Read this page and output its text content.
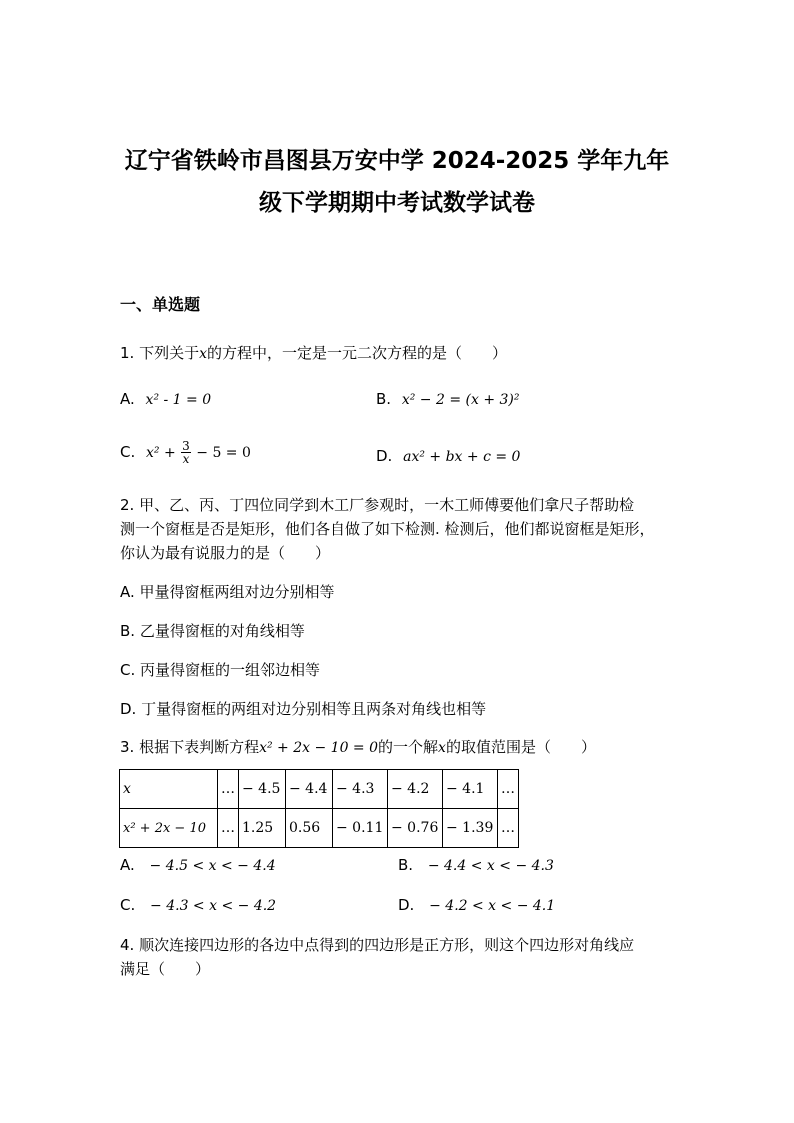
辽宁省铁岭市昌图县万安中学 2024-2025 学年九年
级下学期期中考试数学试卷
一、单选题
1. 下列关于x的方程中，一定是一元二次方程的是（　　）
A. x² - 1 = 0	B. x² − 2 = (x + 3)²
C. $x^2 + \frac{3}{x} - 5 = 0$	D. ax² + bx + c = 0
2. 甲、乙、丙、丁四位同学到木工厂参观时，一木工师傅要他们拿尺子帮助检
测一个窗框是否是矩形，他们各自做了如下检测. 检测后，他们都说窗框是矩形，
你认为最有说服力的是（　　）
A. 甲量得窗框两组对边分别相等
B. 乙量得窗框的对角线相等
C. 丙量得窗框的一组邻边相等
D. 丁量得窗框的两组对边分别相等且两条对角线也相等
3. 根据下表判断方程x² + 2x − 10 = 0的一个解x的取值范围是（　　）
x	…	− 4.5	− 4.4	− 4.3	− 4.2	− 4.1	…
x² + 2x − 10	…	1.25	0.56	− 0.11	− 0.76	− 1.39	…
A. − 4.5 < x < − 4.4	B. − 4.4 < x < − 4.3
C. − 4.3 < x < − 4.2	D. − 4.2 < x < − 4.1
4. 顺次连接四边形的各边中点得到的四边形是正方形，则这个四边形对角线应
满足（　　）
